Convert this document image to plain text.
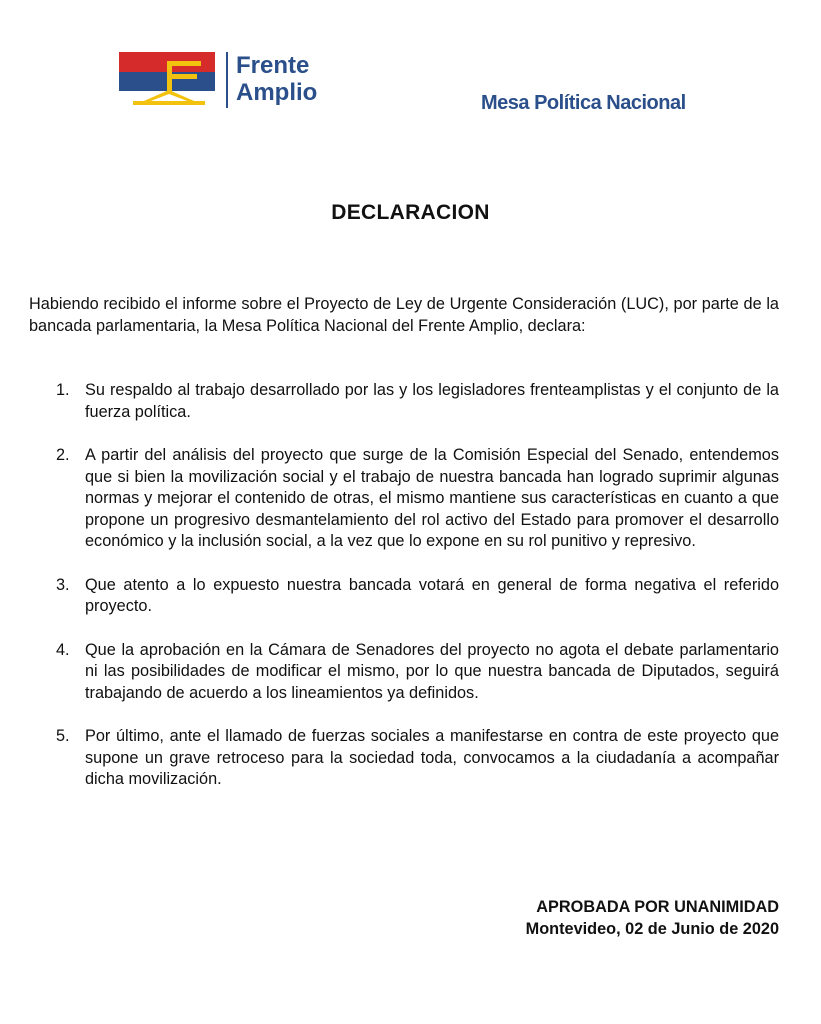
Frente
Amplio	Mesa Política Nacional
DECLARACION
Habiendo recibido el informe sobre el Proyecto de Ley de Urgente Consideración (LUC), por parte de la bancada parlamentaria, la Mesa Política Nacional del Frente Amplio, declara:
1. Su respaldo al trabajo desarrollado por las y los legisladores frenteamplistas y el conjunto de la fuerza política.
2. A partir del análisis del proyecto que surge de la Comisión Especial del Senado, entendemos que si bien la movilización social y el trabajo de nuestra bancada han logrado suprimir algunas normas y mejorar el contenido de otras, el mismo mantiene sus características en cuanto a que propone un progresivo desmantelamiento del rol activo del Estado para promover el desarrollo económico y la inclusión social, a la vez que lo expone en su rol punitivo y represivo.
3. Que atento a lo expuesto nuestra bancada votará en general de forma negativa el referido proyecto.
4. Que la aprobación en la Cámara de Senadores del proyecto no agota el debate parlamentario ni las posibilidades de modificar el mismo, por lo que nuestra bancada de Diputados, seguirá trabajando de acuerdo a los lineamientos ya definidos.
5. Por último, ante el llamado de fuerzas sociales a manifestarse en contra de este proyecto que supone un grave retroceso para la sociedad toda, convocamos a la ciudadanía a acompañar dicha movilización.
APROBADA POR UNANIMIDAD
Montevideo, 02 de Junio de 2020
